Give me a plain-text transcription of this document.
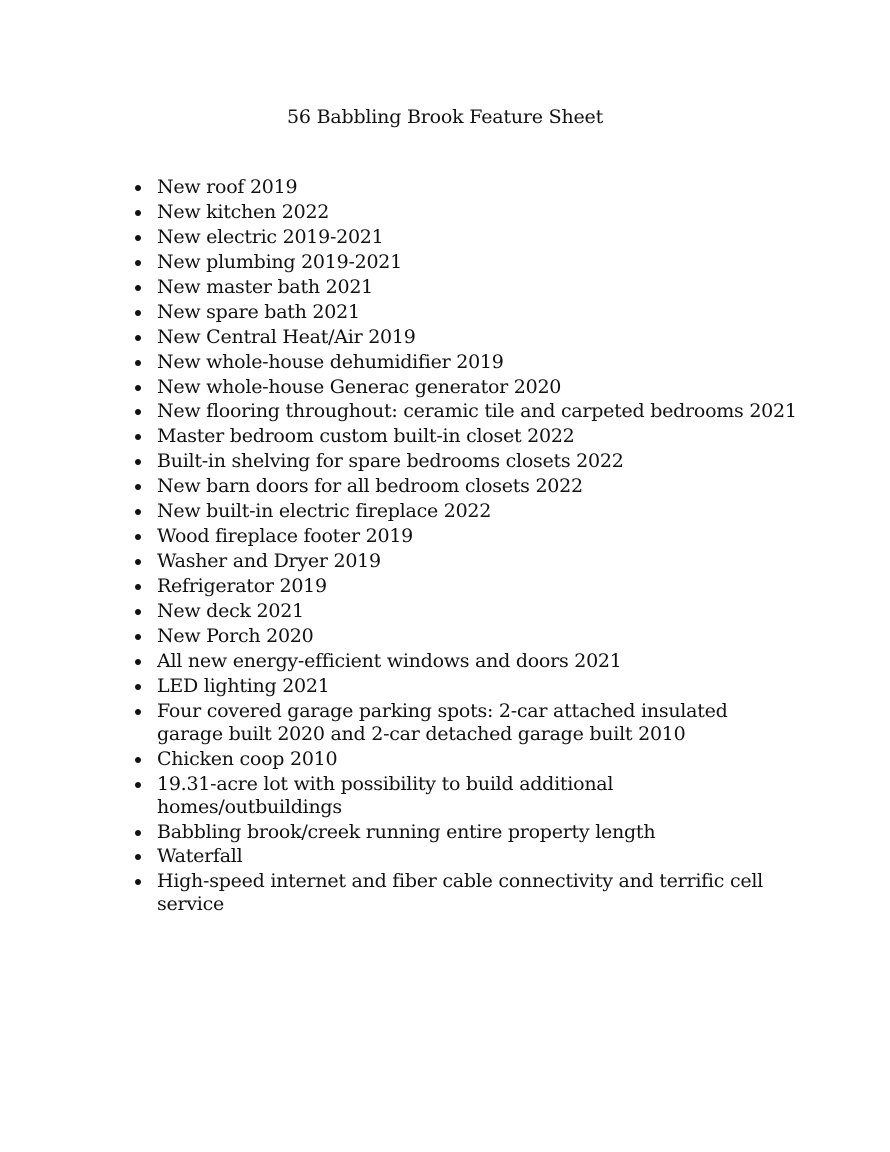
56 Babbling Brook Feature Sheet
New roof 2019
New kitchen 2022
New electric 2019-2021
New plumbing 2019-2021
New master bath 2021
New spare bath 2021
New Central Heat/Air 2019
New whole-house dehumidifier 2019
New whole-house Generac generator 2020
New flooring throughout: ceramic tile and carpeted bedrooms 2021
Master bedroom custom built-in closet 2022
Built-in shelving for spare bedrooms closets 2022
New barn doors for all bedroom closets 2022
New built-in electric fireplace 2022
Wood fireplace footer 2019
Washer and Dryer 2019
Refrigerator 2019
New deck 2021
New Porch 2020
All new energy-efficient windows and doors 2021
LED lighting 2021
Four covered garage parking spots: 2-car attached insulated garage built 2020 and 2-car detached garage built 2010
Chicken coop 2010
19.31-acre lot with possibility to build additional homes/outbuildings
Babbling brook/creek running entire property length
Waterfall
High-speed internet and fiber cable connectivity and terrific cell service
